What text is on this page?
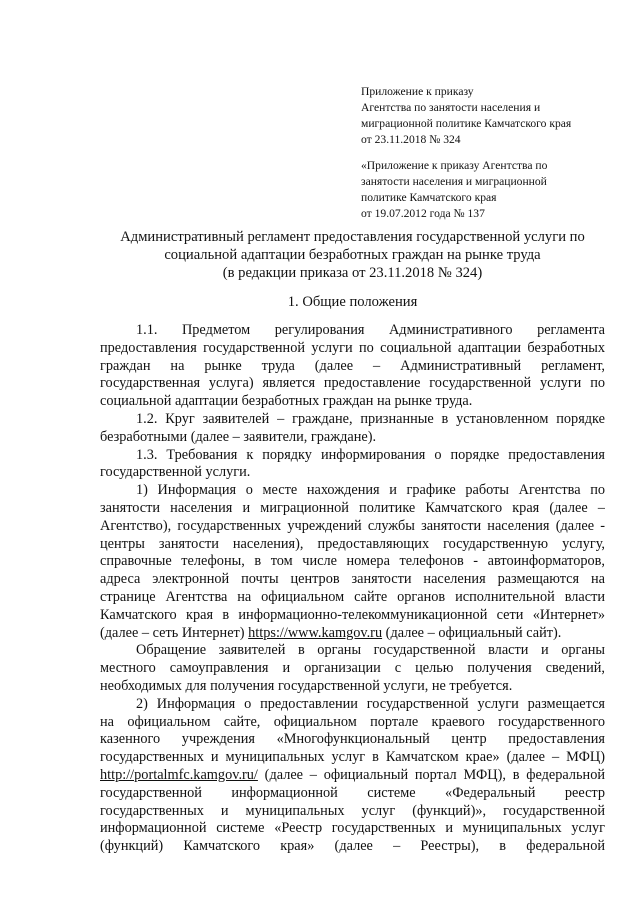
Приложение к приказу
Агентства по занятости населения и
миграционной политике Камчатского края
от 23.11.2018 № 324
«Приложение к приказу Агентства по
занятости населения и миграционной
политике Камчатского края
от 19.07.2012 года № 137
Административный регламент предоставления государственной услуги по
социальной адаптации безработных граждан на рынке труда
(в редакции приказа от 23.11.2018 № 324)
1. Общие положения
1.1. Предметом регулирования Административного регламента
предоставления государственной услуги по социальной адаптации безработных
граждан на рынке труда (далее – Административный регламент,
государственная услуга) является предоставление государственной услуги по
социальной адаптации безработных граждан на рынке труда.
1.2. Круг заявителей – граждане, признанные в установленном порядке
безработными (далее – заявители, граждане).
1.3. Требования к порядку информирования о порядке предоставления
государственной услуги.
1) Информация о месте нахождения и графике работы Агентства по
занятости населения и миграционной политике Камчатского края (далее –
Агентство), государственных учреждений службы занятости населения (далее -
центры занятости населения), предоставляющих государственную услугу,
справочные телефоны, в том числе номера телефонов - автоинформаторов,
адреса электронной почты центров занятости населения размещаются на
странице Агентства на официальном сайте органов исполнительной власти
Камчатского края в информационно-телекоммуникационной сети «Интернет»
(далее – сеть Интернет) https://www.kamgov.ru (далее – официальный сайт).
Обращение заявителей в органы государственной власти и органы
местного самоуправления и организации с целью получения сведений,
необходимых для получения государственной услуги, не требуется.
2) Информация о предоставлении государственной услуги размещается
на официальном сайте, официальном портале краевого государственного
казенного учреждения «Многофункциональный центр предоставления
государственных и муниципальных услуг в Камчатском крае» (далее – МФЦ)
http://portalmfc.kamgov.ru/ (далее – официальный портал МФЦ), в федеральной
государственной информационной системе «Федеральный реестр
государственных и муниципальных услуг (функций)», государственной
информационной системе «Реестр государственных и муниципальных услуг
(функций) Камчатского края» (далее – Реестры), в федеральной
